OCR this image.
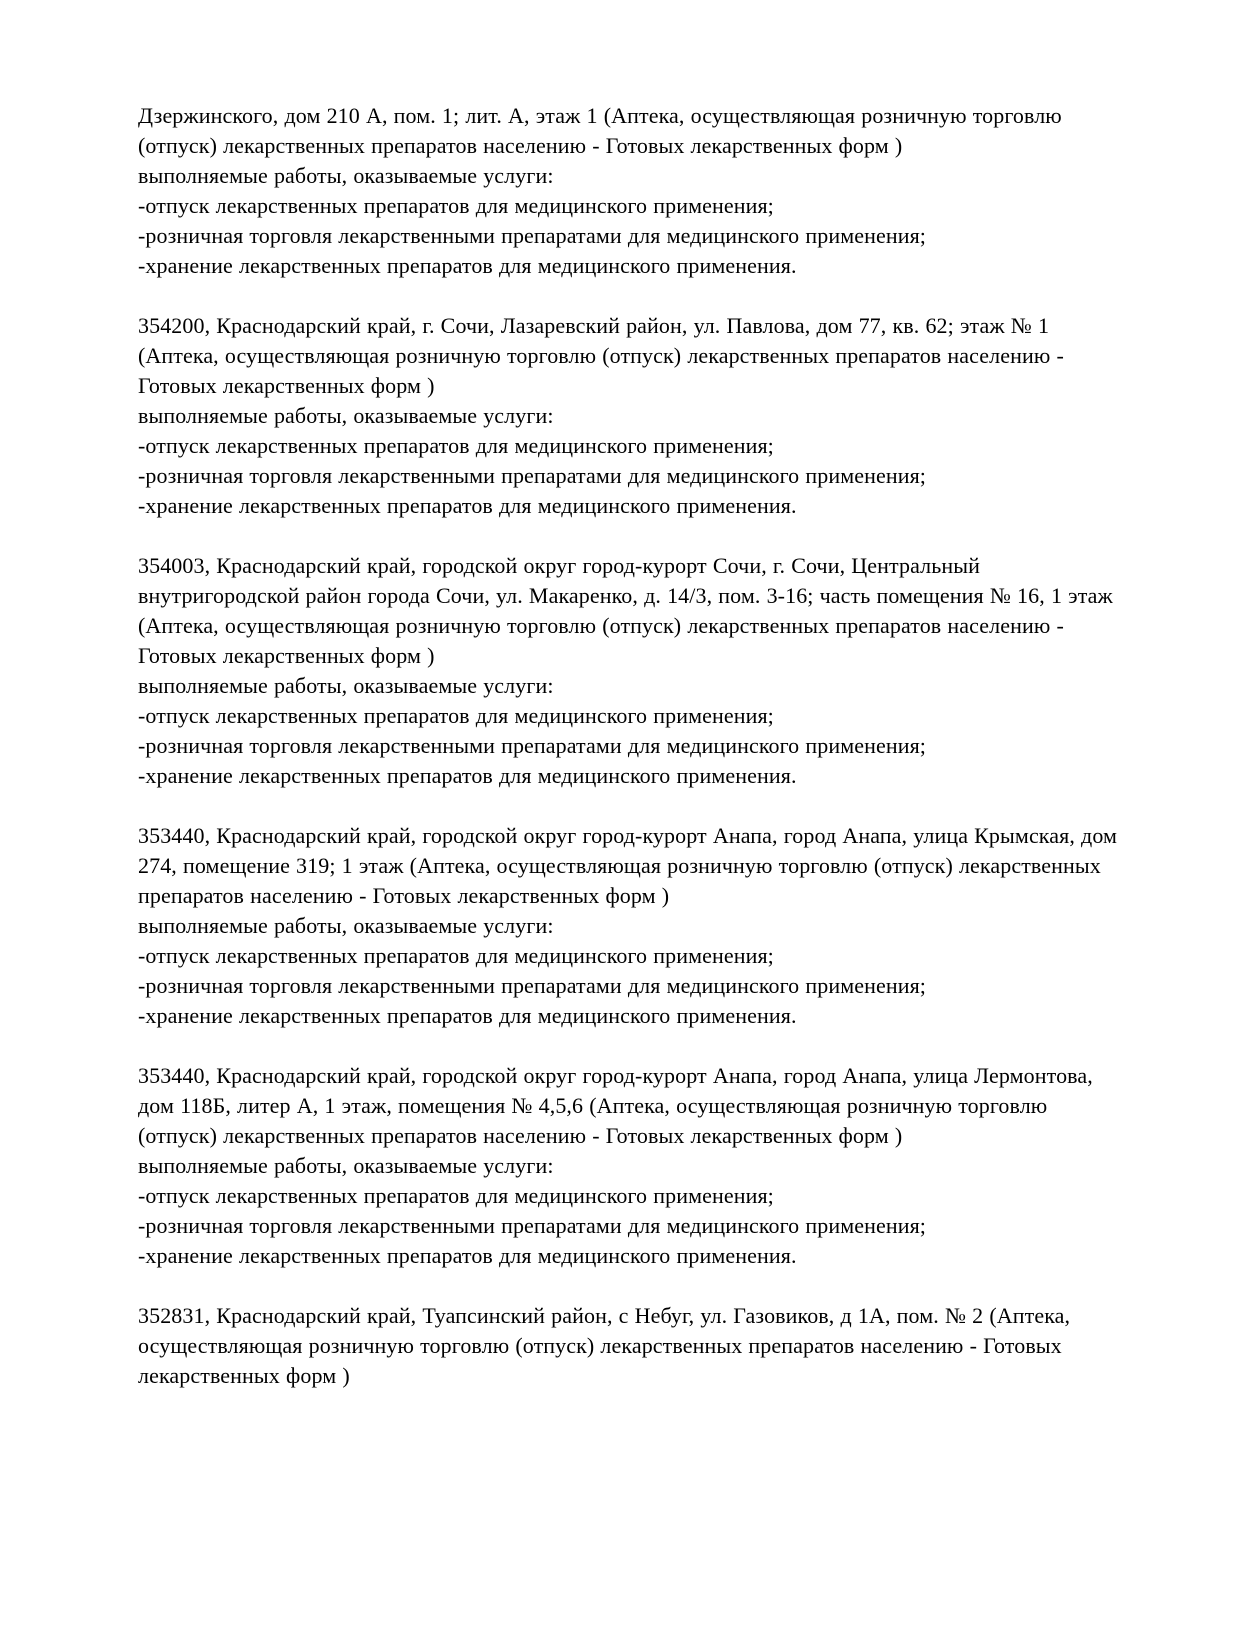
Дзержинского, дом 210 А, пом. 1; лит. А, этаж 1 (Аптека, осуществляющая розничную торговлю (отпуск) лекарственных препаратов населению - Готовых лекарственных форм )

выполняемые работы, оказываемые услуги:

-отпуск лекарственных препаратов для медицинского применения;

-розничная торговля лекарственными препаратами для медицинского применения;

-хранение лекарственных препаратов для медицинского применения.

354200, Краснодарский край, г. Сочи, Лазаревский район, ул. Павлова, дом 77, кв. 62; этаж № 1 (Аптека, осуществляющая розничную торговлю (отпуск) лекарственных препаратов населению - Готовых лекарственных форм )

выполняемые работы, оказываемые услуги:

-отпуск лекарственных препаратов для медицинского применения;

-розничная торговля лекарственными препаратами для медицинского применения;

-хранение лекарственных препаратов для медицинского применения.

354003, Краснодарский край, городской округ город-курорт Сочи, г. Сочи, Центральный внутригородской район города Сочи, ул. Макаренко, д. 14/3, пом. 3-16; часть помещения № 16, 1 этаж (Аптека, осуществляющая розничную торговлю (отпуск) лекарственных препаратов населению - Готовых лекарственных форм )

выполняемые работы, оказываемые услуги:

-отпуск лекарственных препаратов для медицинского применения;

-розничная торговля лекарственными препаратами для медицинского применения;

-хранение лекарственных препаратов для медицинского применения.

353440, Краснодарский край, городской округ город-курорт Анапа, город Анапа, улица Крымская, дом 274, помещение 319; 1 этаж (Аптека, осуществляющая розничную торговлю (отпуск) лекарственных препаратов населению - Готовых лекарственных форм )

выполняемые работы, оказываемые услуги:

-отпуск лекарственных препаратов для медицинского применения;

-розничная торговля лекарственными препаратами для медицинского применения;

-хранение лекарственных препаратов для медицинского применения.

353440, Краснодарский край, городской округ город-курорт Анапа, город Анапа, улица Лермонтова, дом 118Б, литер А, 1 этаж, помещения № 4,5,6 (Аптека, осуществляющая розничную торговлю (отпуск) лекарственных препаратов населению - Готовых лекарственных форм )

выполняемые работы, оказываемые услуги:

-отпуск лекарственных препаратов для медицинского применения;

-розничная торговля лекарственными препаратами для медицинского применения;

-хранение лекарственных препаратов для медицинского применения.

352831, Краснодарский край, Туапсинский район, с Небуг, ул. Газовиков, д 1А, пом. № 2 (Аптека, осуществляющая розничную торговлю (отпуск) лекарственных препаратов населению - Готовых лекарственных форм )
